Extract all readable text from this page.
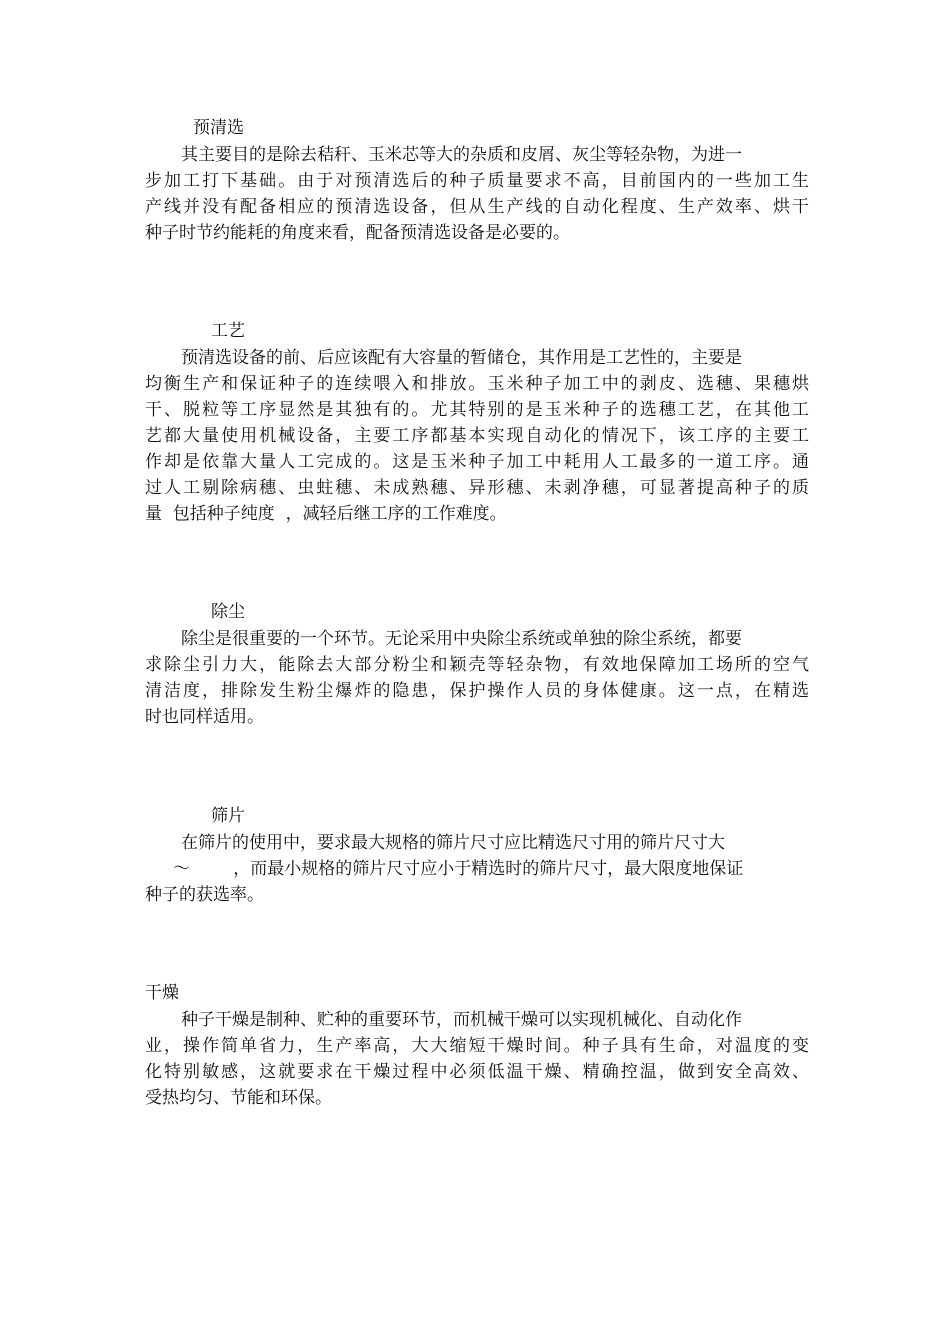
预清选
其主要目的是除去秸秆、玉米芯等大的杂质和皮屑、灰尘等轻杂物，为进一
步加工打下基础。由于对预清选后的种子质量要求不高，目前国内的一些加工生
产线并没有配备相应的预清选设备，但从生产线的自动化程度、生产效率、烘干
种子时节约能耗的角度来看，配备预清选设备是必要的。
工艺
预清选设备的前、后应该配有大容量的暂储仓，其作用是工艺性的，主要是
均衡生产和保证种子的连续喂入和排放。玉米种子加工中的剥皮、选穗、果穗烘
干、脱粒等工序显然是其独有的。尤其特别的是玉米种子的选穗工艺，在其他工
艺都大量使用机械设备，主要工序都基本实现自动化的情况下，该工序的主要工
作却是依靠大量人工完成的。这是玉米种子加工中耗用人工最多的一道工序。通
过人工剔除病穗、虫蛀穗、未成熟穗、异形穗、未剥净穗，可显著提高种子的质
量  包括种子纯度  ，减轻后继工序的工作难度。
除尘
除尘是很重要的一个环节。无论采用中央除尘系统或单独的除尘系统，都要
求除尘引力大，能除去大部分粉尘和颖壳等轻杂物，有效地保障加工场所的空气
清洁度，排除发生粉尘爆炸的隐患，保护操作人员的身体健康。这一点，在精选
时也同样适用。
筛片
在筛片的使用中，要求最大规格的筛片尺寸应比精选尺寸用的筛片尺寸大
～        ，而最小规格的筛片尺寸应小于精选时的筛片尺寸，最大限度地保证
种子的获选率。
干燥
种子干燥是制种、贮种的重要环节，而机械干燥可以实现机械化、自动化作
业，操作简单省力，生产率高，大大缩短干燥时间。种子具有生命，对温度的变
化特别敏感，这就要求在干燥过程中必须低温干燥、精确控温，做到安全高效、
受热均匀、节能和环保。
